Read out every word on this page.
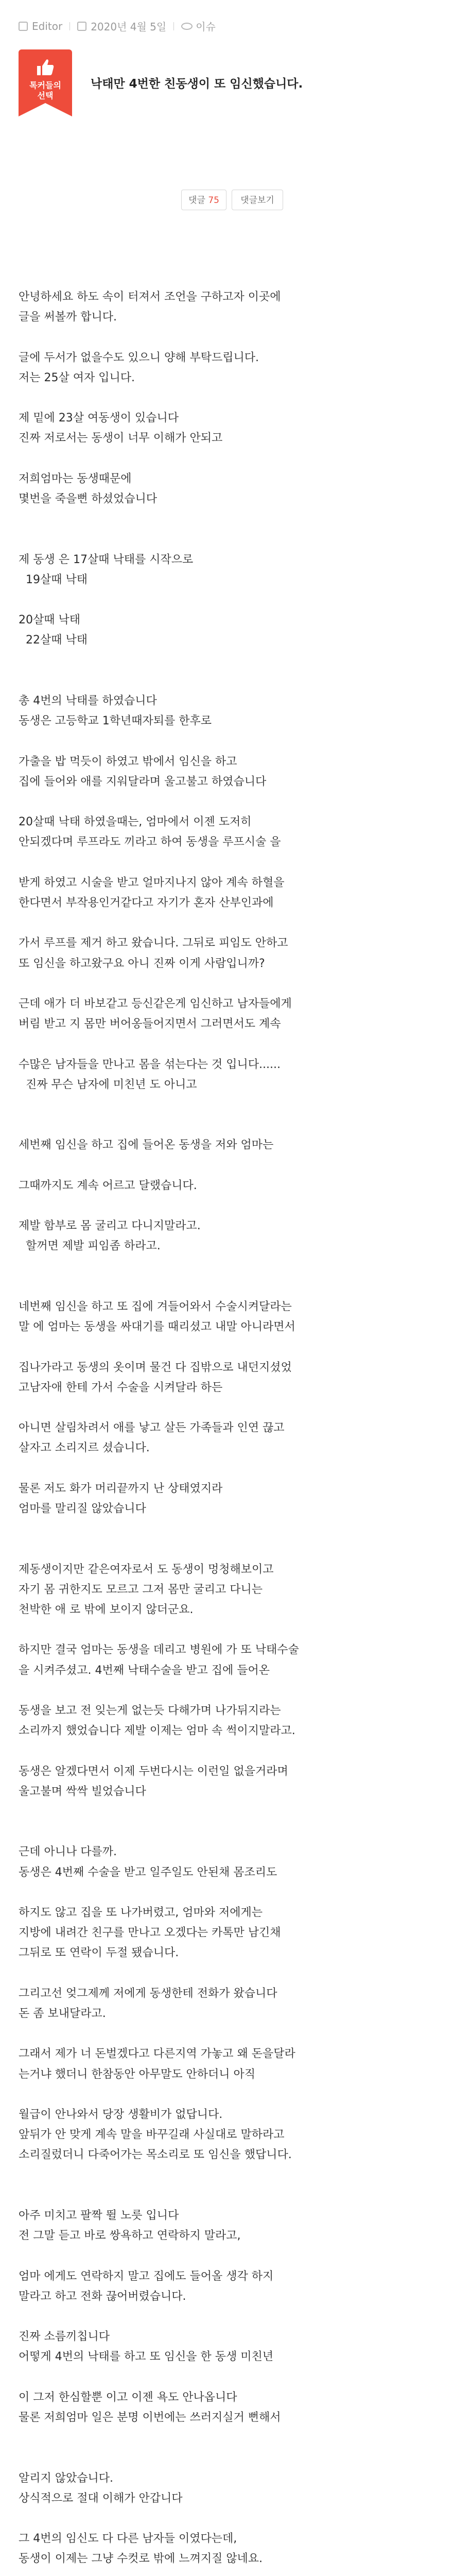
Editor	2020년 4월 5일	이슈
톡커들의
선택
낙태만 4번한 친동생이 또 임신했습니다.
댓글 75	댓글보기
안녕하세요 하도 속이 터져서 조언을 구하고자 이곳에
글을 써볼까 합니다.
글에 두서가 없을수도 있으니 양해 부탁드립니다.
저는 25살 여자 입니다.
제 밑에 23살 여동생이 있습니다
진짜 저로서는 동생이 너무 이해가 안되고
저희엄마는 동생때문에
몇번을 죽을뻔 하셨었습니다
제 동생 은 17살때 낙태를 시작으로
19살때 낙태
20살때 낙태
22살때 낙태
총 4번의 낙태를 하였습니다
동생은 고등학교 1학년때자퇴를 한후로
가출을 밥 먹듯이 하였고 밖에서 임신을 하고
집에 들어와 애를 지워달라며 울고불고 하였습니다
20살때 낙태 하였을때는, 엄마에서 이젠 도저히
안되겠다며 루프라도 끼라고 하여 동생을 루프시술 을
받게 하였고 시술을 받고 얼마지나지 않아 계속 하혈을
한다면서 부작용인거같다고 자기가 혼자 산부인과에
가서 루프를 제거 하고 왔습니다. 그뒤로 피임도 안하고
또 임신을 하고왔구요 아니 진짜 이게 사람입니까?
근데 애가 더 바보같고 등신같은게 임신하고 남자들에게
버림 받고 지 몸만 버어옹들어지면서 그러면서도 계속
수많은 남자들을 만나고 몸을 섞는다는 것 입니다......
진짜 무슨 남자에 미친년 도 아니고
세번째 임신을 하고 집에 들어온 동생을 저와 엄마는
그때까지도 계속 어르고 달랬습니다.
제발 함부로 몸 굴리고 다니지말라고.
할꺼면 제발 피임좀 하라고.
네번째 임신을 하고 또 집에 겨들어와서 수술시켜달라는
말 에 엄마는 동생을 싸대기를 때리셨고 내말 아니라면서
집나가라고 동생의 옷이며 물건 다 집밖으로 내던지셨었
고남자애 한테 가서 수술을 시켜달라 하든
아니면 살림차려서 애를 낳고 살든 가족들과 인연 끊고
살자고 소리지르 셨습니다.
물론 저도 화가 머리끝까지 난 상태였지라
엄마를 말리질 않았습니다
제동생이지만 같은여자로서 도 동생이 멍청해보이고
자기 몸 귀한지도 모르고 그저 몸만 굴리고 다니는
천박한 애 로 밖에 보이지 않더군요.
하지만 결국 엄마는 동생을 데리고 병원에 가 또 낙태수술
을 시켜주셨고. 4번째 낙태수술을 받고 집에 들어온
동생을 보고 전 잊는게 없는듯 다해가며 나가뒤지라는
소리까지 했었습니다 제발 이제는 엄마 속 썩이지말라고.
동생은 알겠다면서 이제 두번다시는 이런일 없을거라며
울고불며 싹싹 빌었습니다
근데 아니나 다를까.
동생은 4번째 수술을 받고 일주일도 안된채 몸조리도
하지도 않고 집을 또 나가버렸고, 엄마와 저에게는
지방에 내려간 친구를 만나고 오겠다는 카톡만 남긴채
그뒤로 또 연락이 두절 됐습니다.
그리고선 엊그제께 저에게 동생한테 전화가 왔습니다
돈 좀 보내달라고.
그래서 제가 너 돈벌겠다고 다른지역 가놓고 왜 돈을달라
는거냐 했더니 한참동안 아무말도 안하더니 아직
월급이 안나와서 당장 생활비가 없답니다.
앞뒤가 안 맞게 계속 말을 바꾸길래 사실대로 말하라고
소리질렀더니 다죽어가는 목소리로 또 임신을 했답니다.
아주 미치고 팔짝 뛸 노릇 입니다
전 그말 듣고 바로 쌍욕하고 연락하지 말라고,
엄마 에게도 연락하지 말고 집에도 들어올 생각 하지
말라고 하고 전화 끊어버렸습니다.
진짜 소름끼칩니다
어떻게 4번의 낙태를 하고 또 임신을 한 동생 미친년
이 그저 한심할뿐 이고 이젠 욕도 안나옵니다
물론 저희엄마 일은 분명 이번에는 쓰러지실거 뻔해서
알리지 않았습니다.
상식적으로 절대 이해가 안갑니다
그 4번의 임신도 다 다른 남자들 이였다는데,
동생이 이제는 그냥 수컷로 밖에 느껴지질 않네요.
